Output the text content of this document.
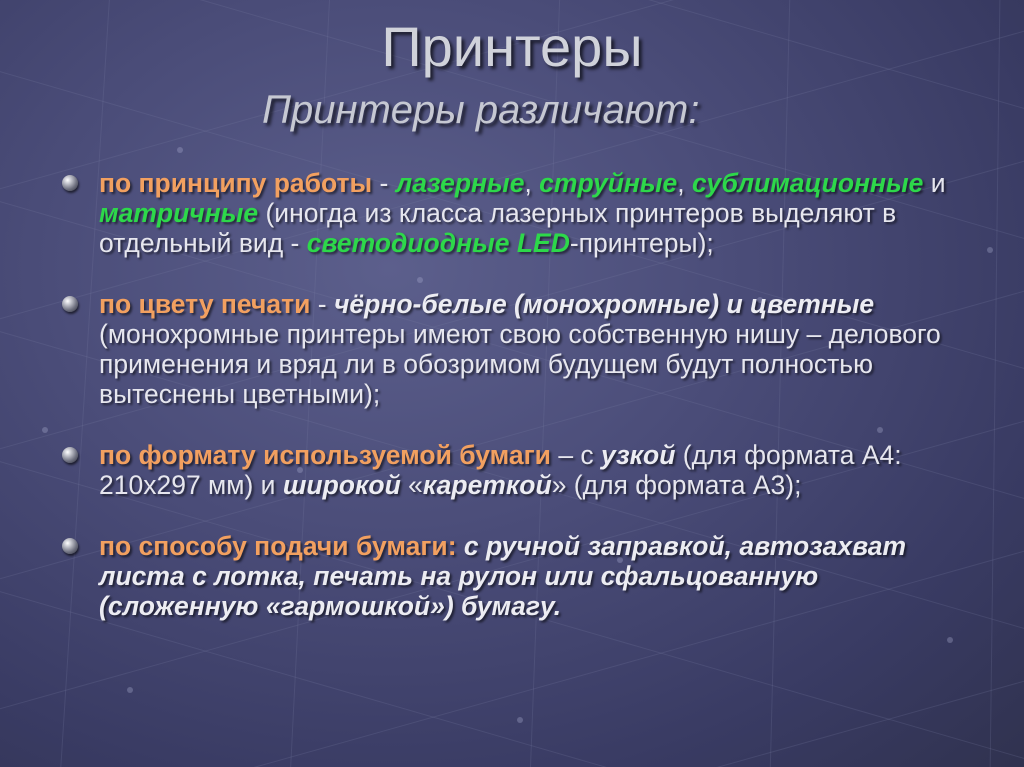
Принтеры
Принтеры различают:
по принципу работы - лазерные, струйные, сублимационные и матричные (иногда из класса лазерных принтеров выделяют в отдельный вид - светодиодные LED-принтеры);
по цвету печати - чёрно-белые (монохромные) и цветные (монохромные принтеры имеют свою собственную нишу – делового применения и вряд ли в обозримом будущем будут полностью вытеснены цветными);
по формату используемой бумаги – с узкой (для формата А4: 210x297 мм) и широкой «кареткой» (для формата А3);
по способу подачи бумаги: с ручной заправкой, автозахват листа с лотка, печать на рулон или сфальцованную (сложенную «гармошкой») бумагу.
